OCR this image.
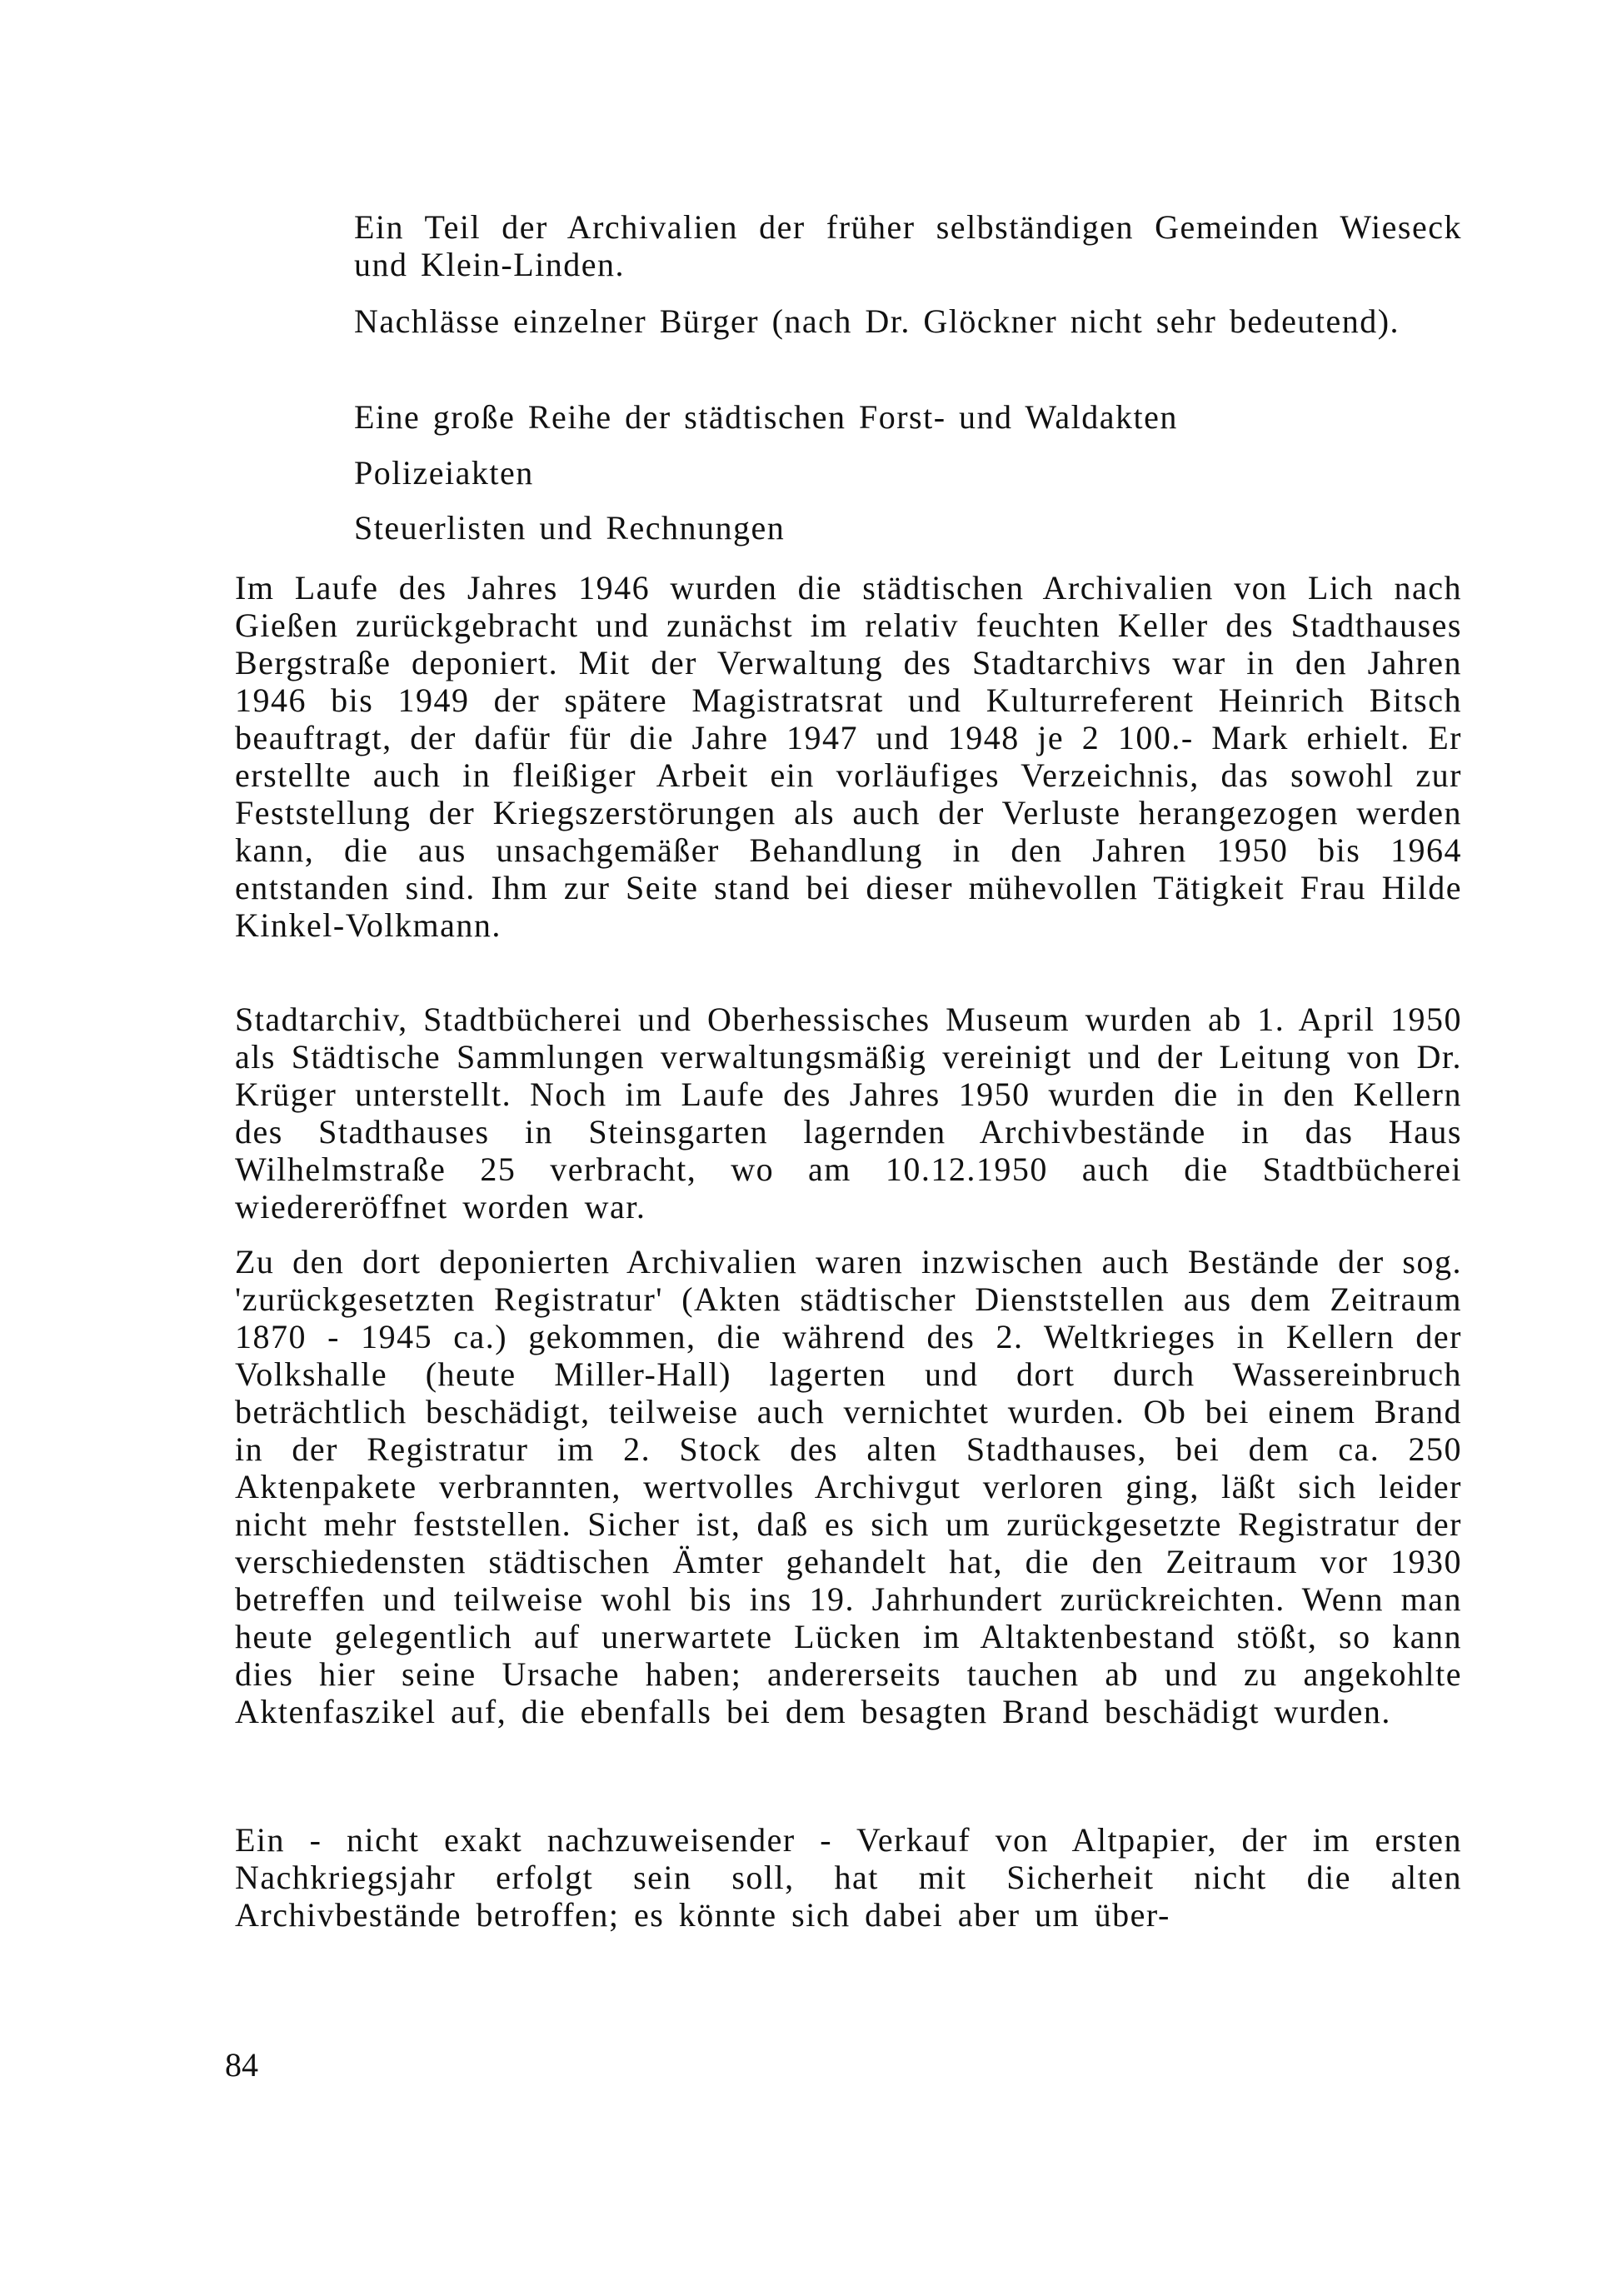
Ein Teil der Archivalien der früher selbständigen Gemeinden Wieseck und Klein-Linden.

Nachlässe einzelner Bürger (nach Dr. Glöckner nicht sehr bedeutend).

Eine große Reihe der städtischen Forst- und Waldakten

Polizeiakten

Steuerlisten und Rechnungen

Im Laufe des Jahres 1946 wurden die städtischen Archivalien von Lich nach Gießen zurückgebracht und zunächst im relativ feuchten Keller des Stadthauses Bergstraße deponiert. Mit der Verwaltung des Stadtarchivs war in den Jahren 1946 bis 1949 der spätere Magistratsrat und Kulturreferent Heinrich Bitsch beauftragt, der dafür für die Jahre 1947 und 1948 je 2 100.- Mark erhielt. Er erstellte auch in fleißiger Arbeit ein vorläufiges Verzeichnis, das sowohl zur Feststellung der Kriegszerstörungen als auch der Verluste herangezogen werden kann, die aus unsachgemäßer Behandlung in den Jahren 1950 bis 1964 entstanden sind. Ihm zur Seite stand bei dieser mühevollen Tätigkeit Frau Hilde Kinkel-Volkmann.

Stadtarchiv, Stadtbücherei und Oberhessisches Museum wurden ab 1. April 1950 als Städtische Sammlungen verwaltungsmäßig vereinigt und der Leitung von Dr. Krüger unterstellt. Noch im Laufe des Jahres 1950 wurden die in den Kellern des Stadthauses in Steinsgarten lagernden Archivbestände in das Haus Wilhelmstraße 25 verbracht, wo am 10.12.1950 auch die Stadtbücherei wiedereröffnet worden war.

Zu den dort deponierten Archivalien waren inzwischen auch Bestände der sog. 'zurückgesetzten Registratur' (Akten städtischer Dienststellen aus dem Zeitraum 1870 - 1945 ca.) gekommen, die während des 2. Weltkrieges in Kellern der Volkshalle (heute Miller-Hall) lagerten und dort durch Wassereinbruch beträchtlich beschädigt, teilweise auch vernichtet wurden. Ob bei einem Brand in der Registratur im 2. Stock des alten Stadthauses, bei dem ca. 250 Aktenpakete verbrannten, wertvolles Archivgut verloren ging, läßt sich leider nicht mehr feststellen. Sicher ist, daß es sich um zurückgesetzte Registratur der verschiedensten städtischen Ämter gehandelt hat, die den Zeitraum vor 1930 betreffen und teilweise wohl bis ins 19. Jahrhundert zurückreichten. Wenn man heute gelegentlich auf unerwartete Lücken im Altaktenbestand stößt, so kann dies hier seine Ursache haben; andererseits tauchen ab und zu angekohlte Aktenfaszikel auf, die ebenfalls bei dem besagten Brand beschädigt wurden.

Ein - nicht exakt nachzuweisender - Verkauf von Altpapier, der im ersten Nachkriegsjahr erfolgt sein soll, hat mit Sicherheit nicht die alten Archivbestände betroffen; es könnte sich dabei aber um über-

84
